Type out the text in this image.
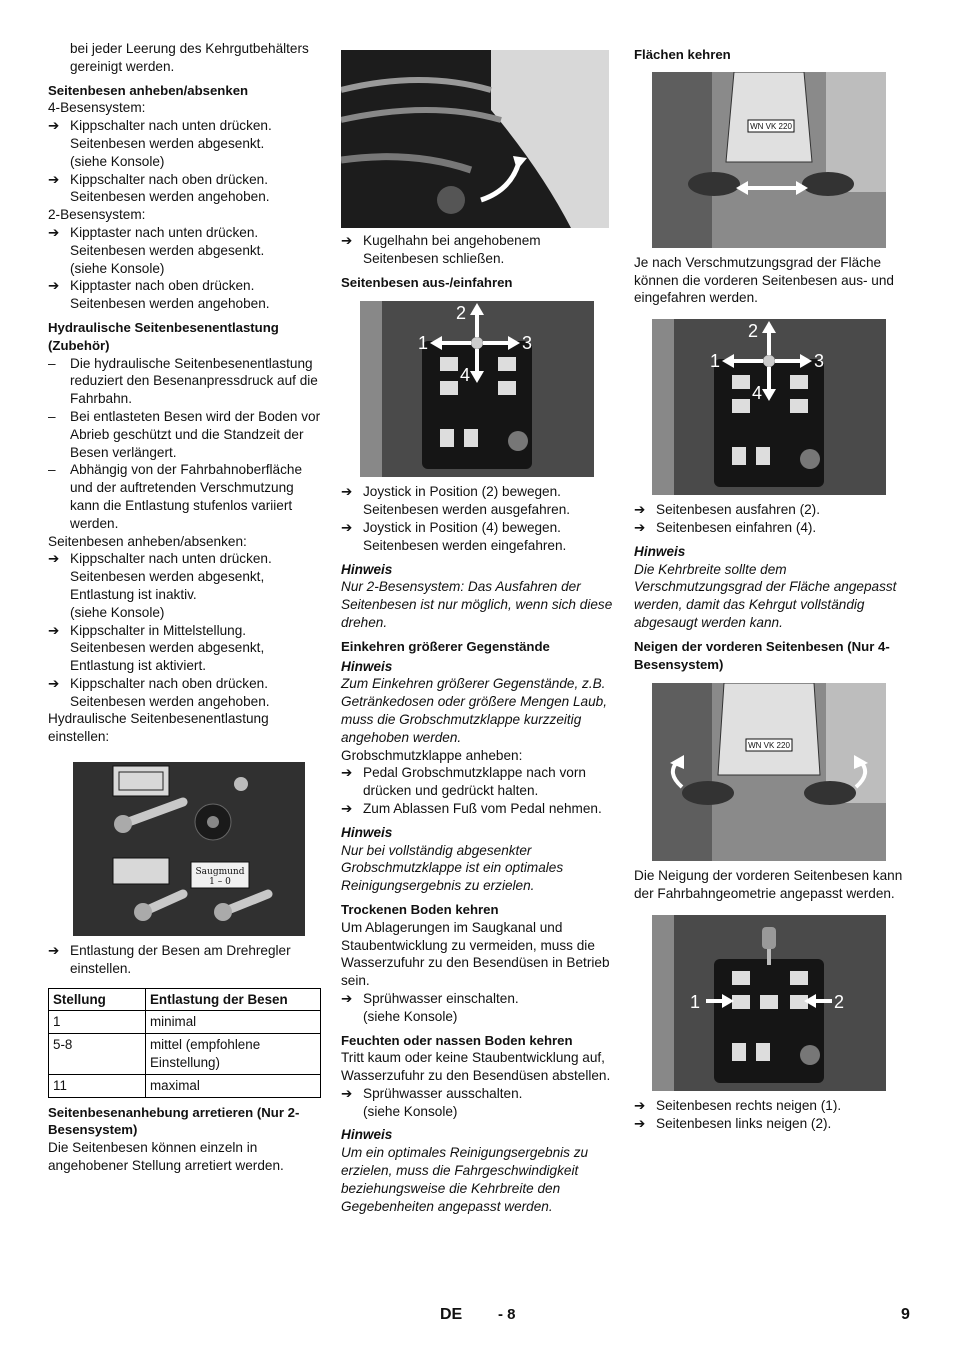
bei jeder Leerung des Kehrgutbehälters gereinigt werden.

Seitenbesen anheben/absenken

4-Besensystem:

➔ Kippschalter nach unten drücken. Seitenbesen werden abgesenkt.

(siehe Konsole)

➔ Kippschalter nach oben drücken. Seitenbesen werden angehoben.

2-Besensystem:

➔ Kipptaster nach unten drücken. Seitenbesen werden abgesenkt.

(siehe Konsole)

➔ Kipptaster nach oben drücken. Seitenbesen werden angehoben.

Hydraulische Seitenbesenentlastung (Zubehör)

–	Die hydraulische Seitenbesenentlastung reduziert den Besenanpressdruck auf die Fahrbahn.
–	Bei entlasteten Besen wird der Boden vor Abrieb geschützt und die Standzeit der Besen verlängert.
–	Abhängig von der Fahrbahnoberfläche und der auftretenden Verschmutzung kann die Entlastung stufenlos variiert werden.

Seitenbesen anheben/absenken:

➔ Kippschalter nach unten drücken. Seitenbesen werden abgesenkt, Entlastung ist inaktiv.

(siehe Konsole)

➔ Kippschalter in Mittelstellung. Seitenbesen werden abgesenkt, Entlastung ist aktiviert.
➔ Kippschalter nach oben drücken. Seitenbesen werden angehoben.

Hydraulische Seitenbesenentlastung einstellen:

Saugmund
1 – 0
➔ Entlastung der Besen am Drehregler einstellen.
Stellung	Entlastung der Besen
1	minimal
5-8	mittel (empfohlene Einstellung)
11	maximal

Seitenbesenanhebung arretieren (Nur 2-Besensystem)

Die Seitenbesen können einzeln in angehobener Stellung arretiert werden.

➔ Kugelhahn bei angehobenem Seitenbesen schließen.

Seitenbesen aus-/einfahren

2
1	3
4
➔ Joystick in Position (2) bewegen. Seitenbesen werden ausgefahren.
➔ Joystick in Position (4) bewegen. Seitenbesen werden eingefahren.

Hinweis

Nur 2-Besensystem: Das Ausfahren der Seitenbesen ist nur möglich, wenn sich diese drehen.

Einkehren größerer Gegenstände

Hinweis

Zum Einkehren größerer Gegenstände, z.B. Getränkedosen oder größere Mengen Laub, muss die Grobschmutzklappe kurzzeitig angehoben werden.

Grobschmutzklappe anheben:

➔ Pedal Grobschmutzklappe nach vorn drücken und gedrückt halten.
➔ Zum Ablassen Fuß vom Pedal nehmen.

Hinweis

Nur bei vollständig abgesenkter Grobschmutzklappe ist ein optimales Reinigungsergebnis zu erzielen.

Trockenen Boden kehren

Um Ablagerungen im Saugkanal und Staubentwicklung zu vermeiden, muss die Wasserzufuhr zu den Besendüsen in Betrieb sein.

➔ Sprühwasser einschalten.

(siehe Konsole)

Feuchten oder nassen Boden kehren

Tritt kaum oder keine Staubentwicklung auf, Wasserzufuhr zu den Besendüsen abstellen.

➔ Sprühwasser ausschalten.

(siehe Konsole)

Hinweis

Um ein optimales Reinigungsergebnis zu erzielen, muss die Fahrgeschwindigkeit beziehungsweise die Kehrbreite den Gegebenheiten angepasst werden.

Flächen kehren

WN VK 220

Je nach Verschmutzungsgrad der Fläche können die vorderen Seitenbesen aus- und eingefahren werden.

2
1	3
4
➔ Seitenbesen ausfahren (2).
➔ Seitenbesen einfahren (4).

Hinweis

Die Kehrbreite sollte dem Verschmutzungsgrad der Fläche angepasst werden, damit das Kehrgut vollständig abgesaugt werden kann.

Neigen der vorderen Seitenbesen (Nur 4-Besensystem)

WN VK 220

Die Neigung der vorderen Seitenbesen kann der Fahrbahngeometrie angepasst werden.

1	2
➔ Seitenbesen rechts neigen (1).
➔ Seitenbesen links neigen (2).
DE - 8	9
